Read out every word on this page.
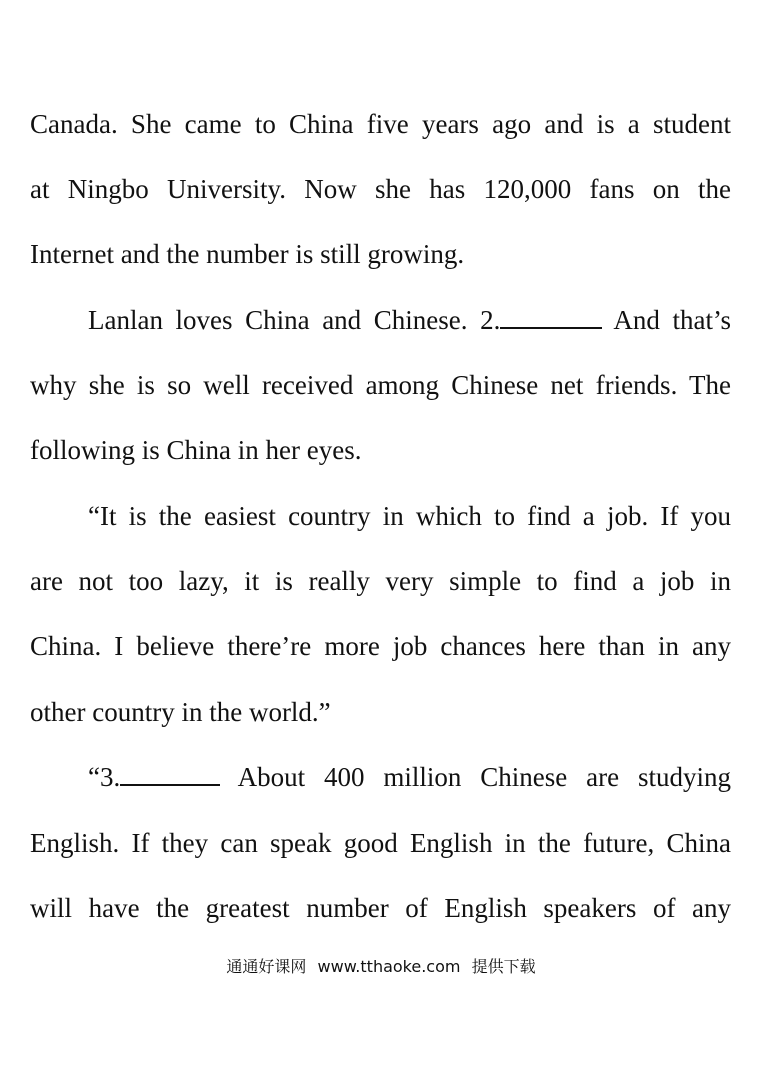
Canada. She came to China five years ago and is a student
at Ningbo University. Now she has 120,000 fans on the
Internet and the number is still growing.
Lanlan loves China and Chinese. 2.	And that’s
why she is so well received among Chinese net friends. The
following is China in her eyes.
“It is the easiest country in which to find a job. If you
are not too lazy, it is really very simple to find a job in
China. I believe there’re more job chances here than in any
other country in the world.”
“3.	About 400 million Chinese are studying
English. If they can speak good English in the future, China
will have the greatest number of English speakers of any
通通好课网 www.tthaoke.com 提供下载
